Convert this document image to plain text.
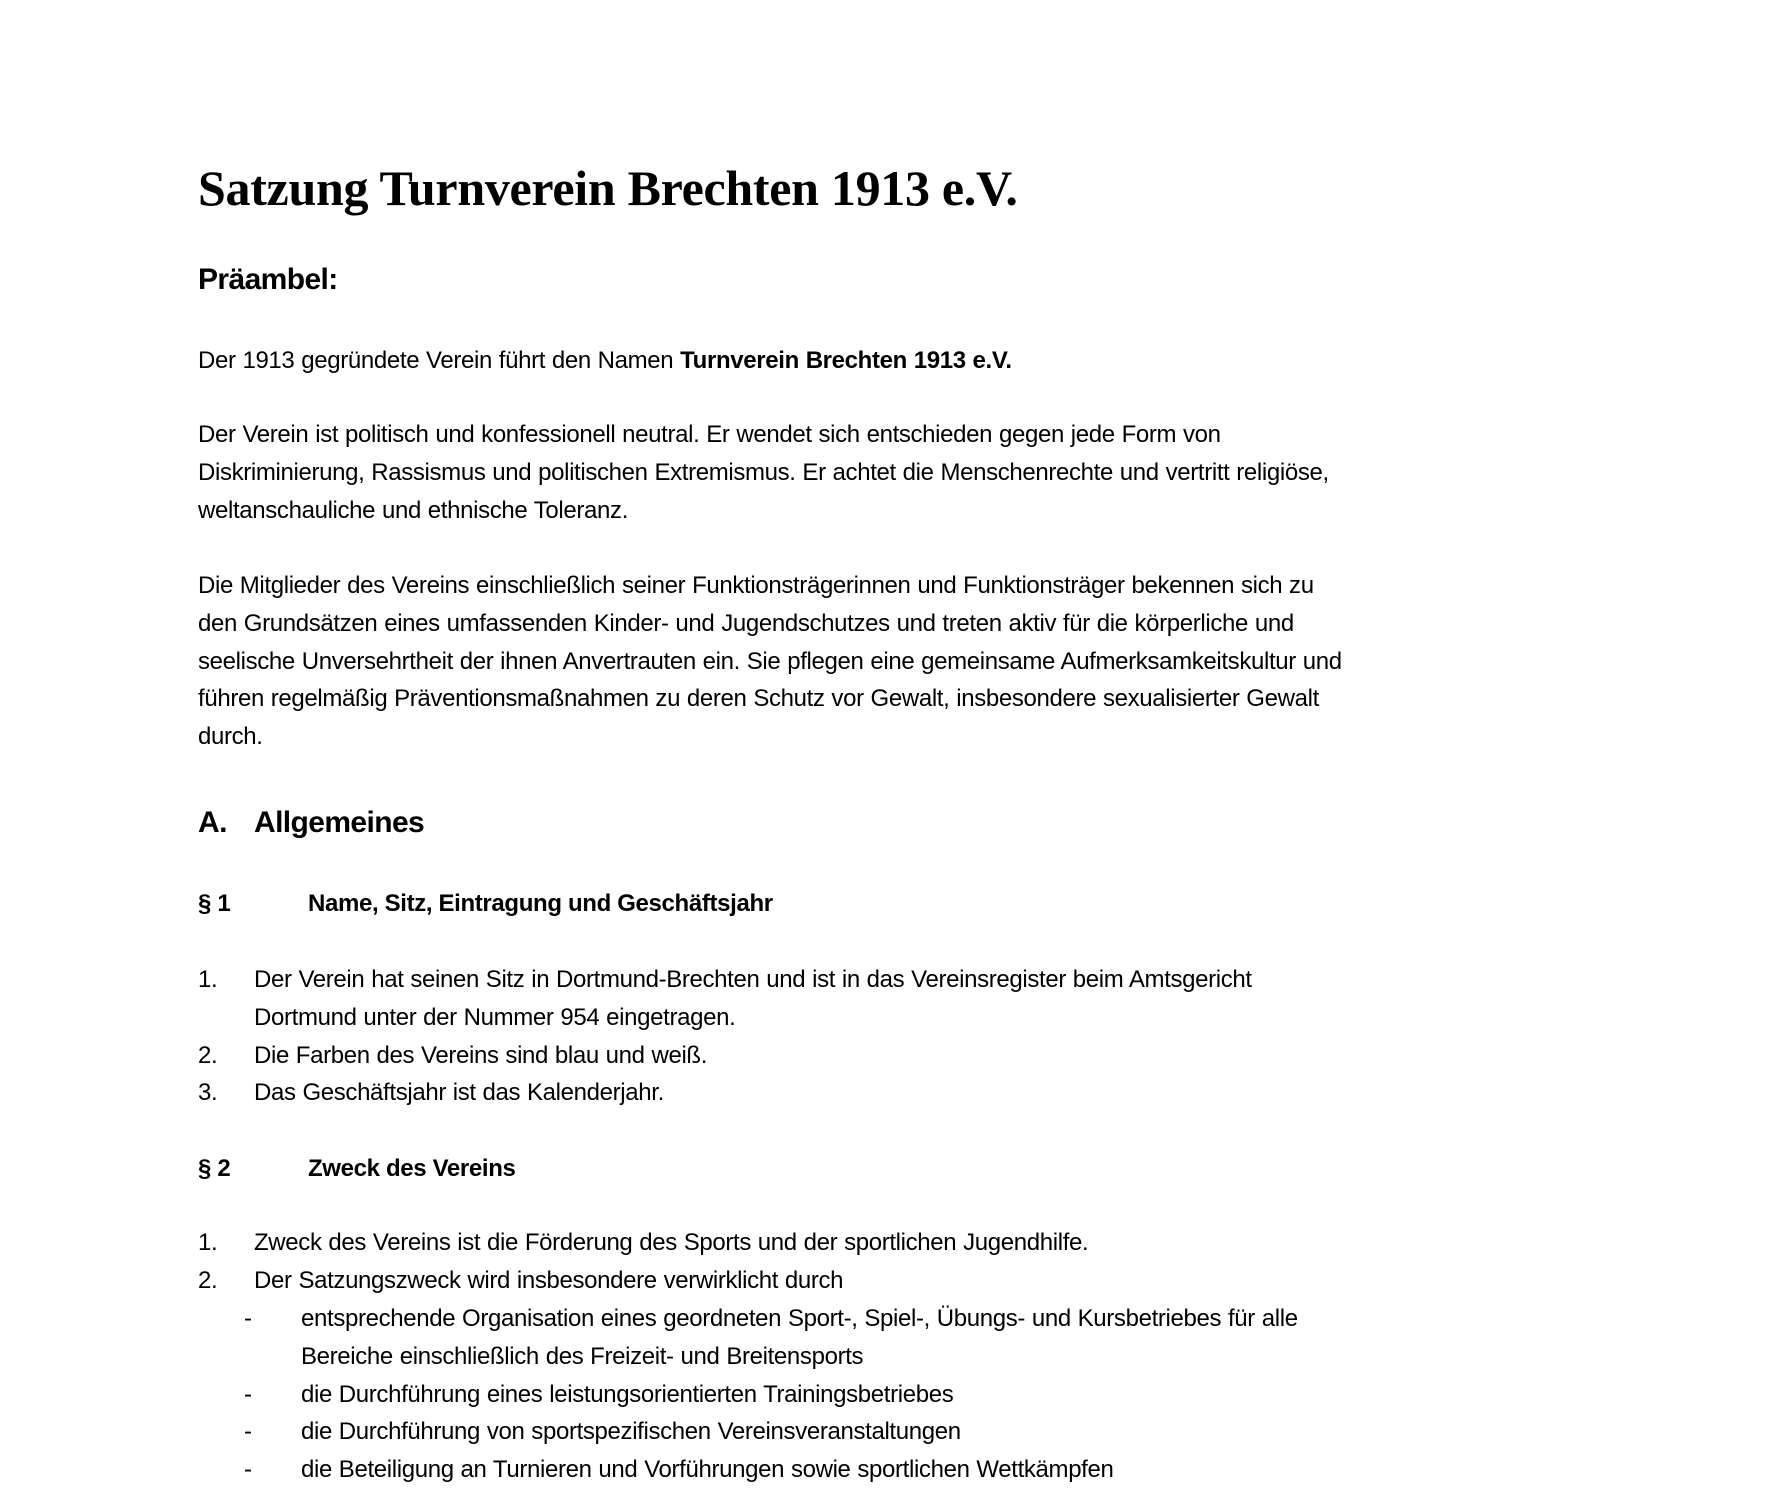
Satzung Turnverein Brechten 1913 e.V.
Präambel:

Der 1913 gegründete Verein führt den Namen Turnverein Brechten 1913 e.V.

Der Verein ist politisch und konfessionell neutral. Er wendet sich entschieden gegen jede Form von
Diskriminierung, Rassismus und politischen Extremismus. Er achtet die Menschenrechte und vertritt religiöse,
weltanschauliche und ethnische Toleranz.

Die Mitglieder des Vereins einschließlich seiner Funktionsträgerinnen und Funktionsträger bekennen sich zu
den Grundsätzen eines umfassenden Kinder- und Jugendschutzes und treten aktiv für die körperliche und
seelische Unversehrtheit der ihnen Anvertrauten ein. Sie pflegen eine gemeinsame Aufmerksamkeitskultur und
führen regelmäßig Präventionsmaßnahmen zu deren Schutz vor Gewalt, insbesondere sexualisierter Gewalt
durch.

A. Allgemeines
§ 1	Name, Sitz, Eintragung und Geschäftsjahr
1. Der Verein hat seinen Sitz in Dortmund-Brechten und ist in das Vereinsregister beim Amtsgericht
Dortmund unter der Nummer 954 eingetragen.
2. Die Farben des Vereins sind blau und weiß.
3. Das Geschäftsjahr ist das Kalenderjahr.
§ 2	Zweck des Vereins
1. Zweck des Vereins ist die Förderung des Sports und der sportlichen Jugendhilfe.
2. Der Satzungszweck wird insbesondere verwirklicht durch
- entsprechende Organisation eines geordneten Sport-, Spiel-, Übungs- und Kursbetriebes für alle
Bereiche einschließlich des Freizeit- und Breitensports
- die Durchführung eines leistungsorientierten Trainingsbetriebes
- die Durchführung von sportspezifischen Vereinsveranstaltungen
- die Beteiligung an Turnieren und Vorführungen sowie sportlichen Wettkämpfen
